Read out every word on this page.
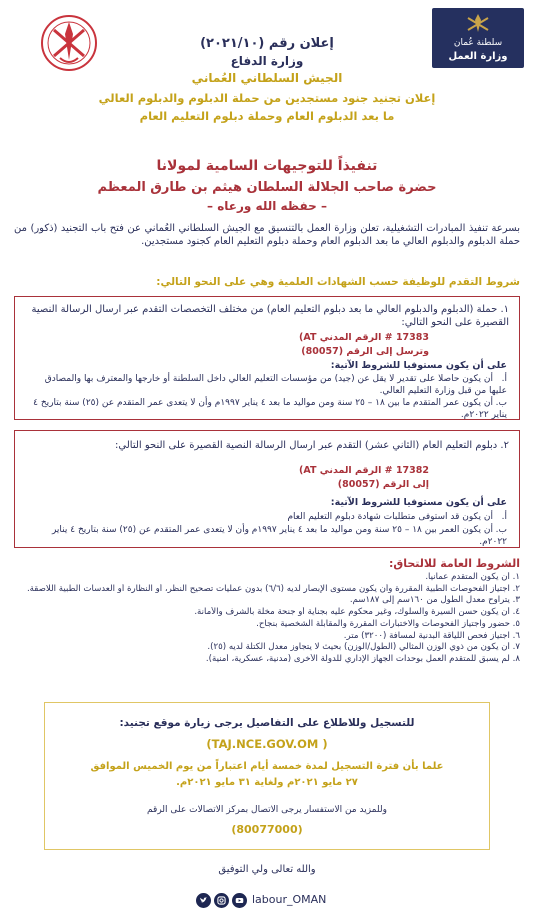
سلطنة عُمان
وزارة العمل
إعلان رقم (٢٠٢١/١٠)
وزارة الدفاع
الجيش السلطاني العُماني
إعلان تجنيد جنود مستجدين من حملة الدبلوم والدبلوم العالي
ما بعد الدبلوم العام وحملة دبلوم التعليم العام
تنفيذاً للتوجيهات السامية لمولانا
حضرة صاحب الجلالة السلطان هيثم بن طارق المعظم
– حفظه الله ورعاه –
بسرعة تنفيذ المبادرات التشغيلية، تعلن وزارة العمل بالتنسيق مع الجيش السلطاني العُماني عن فتح باب التجنيد (ذكور) من حملة الدبلوم والدبلوم العالي ما بعد الدبلوم العام وحملة دبلوم التعليم العام كجنود مستجدين.
شروط التقدم للوظيفة حسب الشهادات العلمية وهي على النحو التالي:
١. حملة (الدبلوم والدبلوم العالي ما بعد دبلوم التعليم العام) من مختلف التخصصات التقدم عبر ارسال الرسالة النصية القصيرة على النحو التالي:
17383 # الرقم المدني AT)
وترسل إلى الرقم (80057)
على أن يكون مستوفيا للشروط الآتية:
أ.أن يكون حاصلا على تقدير لا يقل عن (جيد) من مؤسسات التعليم العالي داخل السلطنة أو خارجها والمعترف بها والمصادق عليها من قبل وزارة التعليم العالي.
ب.أن يكون عمر المتقدم ما بين ١٨ – ٢٥ سنة ومن مواليد ما بعد ٤ يناير ١٩٩٧م وأن لا يتعدى عمر المتقدم عن (٢٥) سنة بتاريخ ٤ يناير ٢٠٢٢م.
٢. دبلوم التعليم العام (الثاني عشر) التقدم عبر ارسال الرسالة النصية القصيرة على النحو التالي:
17382 # الرقم المدني AT)
إلى الرقم (80057)
على أن يكون مستوفيا للشروط الآتية:
أ.أن يكون قد استوفى متطلبات شهادة دبلوم التعليم العام
ب.أن يكون العمر بين ١٨ – ٢٥ سنة ومن مواليد ما بعد ٤ يناير ١٩٩٧م وأن لا يتعدى عمر المتقدم عن (٢٥) سنة بتاريخ ٤ يناير ٢٠٢٢م.
الشروط العامة للالتحاق:
١. أن يكون المتقدم عمانياً.
٢. اجتياز الفحوصات الطبية المقررة وأن يكون مستوى الإبصار لديه (٦/٦) بدون عمليات تصحيح النظر، أو النظارة أو العدسات الطبية اللاصقة.
٣. يتراوح معدل الطول من ١٦٠سم إلى ١٨٧سم.
٤. أن يكون حسن السيرة والسلوك، وغير محكوم عليه بجناية أو جنحة مخلة بالشرف والأمانة.
٥. حضور واجتياز الفحوصات والاختبارات المقررة والمقابلة الشخصية بنجاح.
٦. اجتياز فحص اللياقة البدنية لمسافة (٣٢٠٠) متر.
٧. أن يكون من ذوي الوزن المثالي (الطول/الوزن) بحيث لا يتجاوز معدل الكتلة لديه (٢٥).
٨. لم يسبق للمتقدم العمل بوحدات الجهاز الإداري للدولة الأخرى (مدنية، عسكرية، أمنية).
للتسجيل وللاطلاع على التفاصيل يرجى زيارة موقع تجنيد:
(TAJ.NCE.GOV.OM )
علما بأن فترة التسجيل لمدة خمسة أيام اعتباراً من يوم الخميس الموافق
٢٧ مايو ٢٠٢١م ولغاية ٣١ مايو ٢٠٢١م.
وللمزيد من الاستفسار يرجى الاتصال بمركز الاتصالات على الرقم
(80077000)
والله تعالى ولي التوفيق
labour_OMAN
